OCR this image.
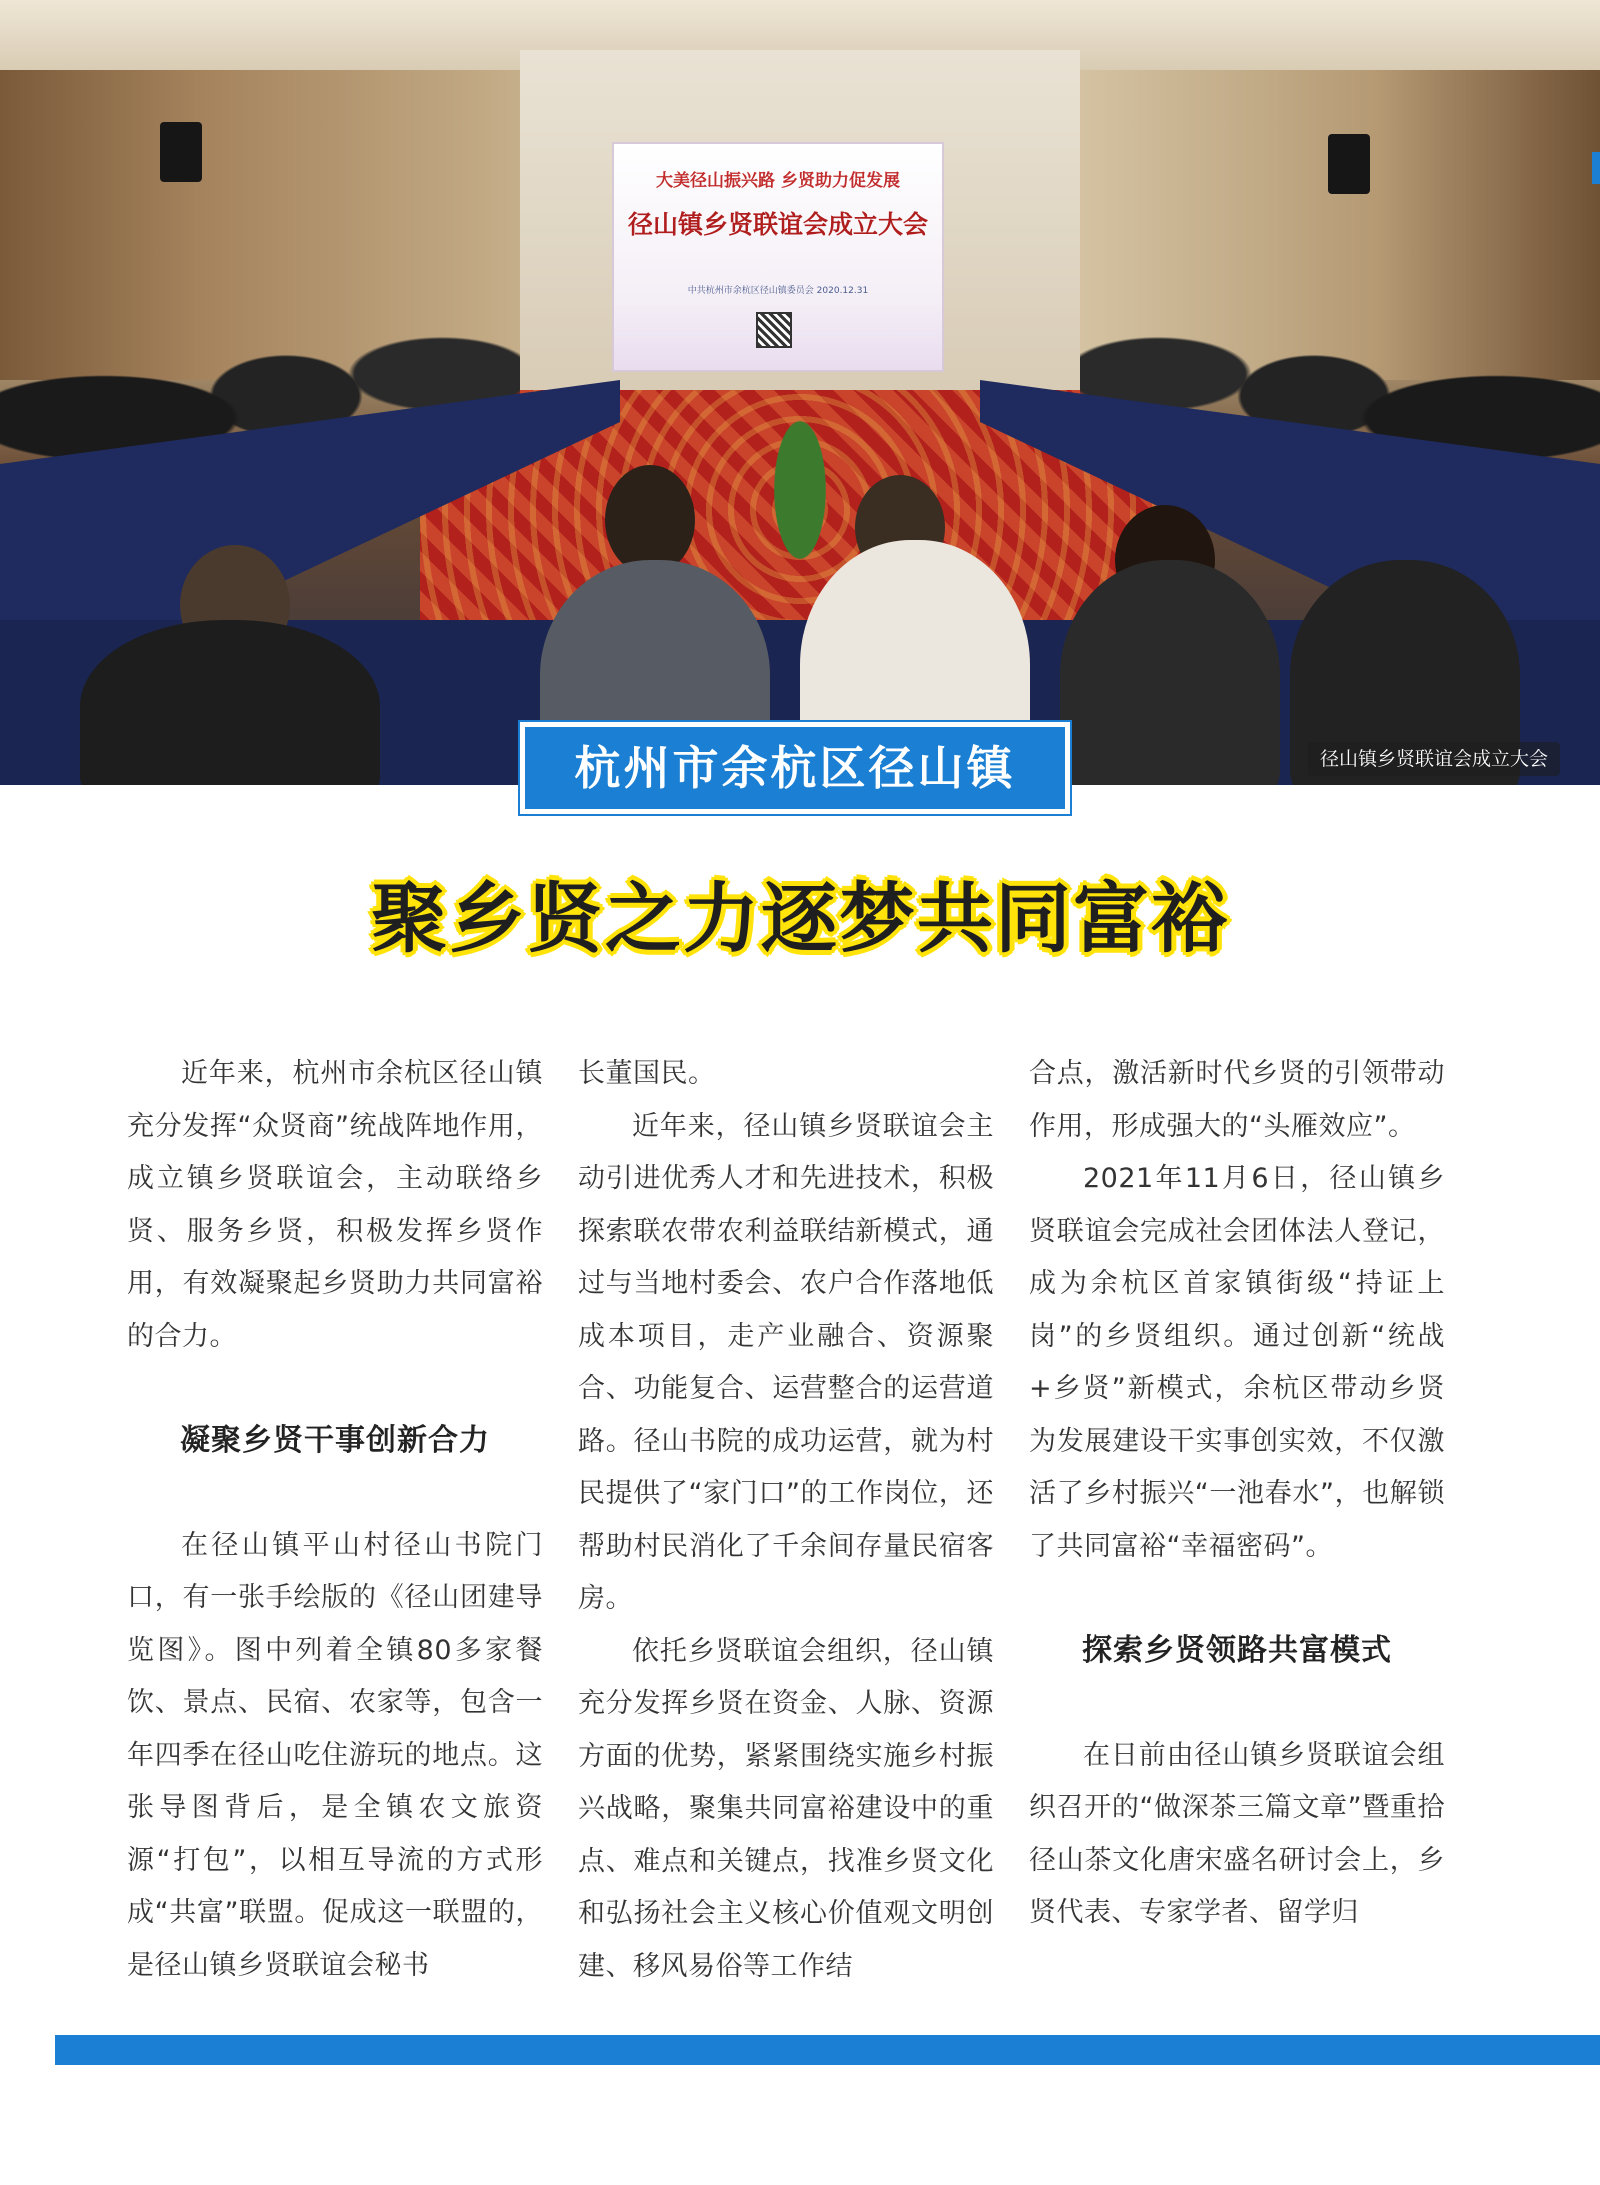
大美径山振兴路 乡贤助力促发展
径山镇乡贤联谊会成立大会
中共杭州市余杭区径山镇委员会 2020.12.31
径山镇乡贤联谊会成立大会
杭州市余杭区径山镇
聚乡贤之力逐梦共同富裕

近年来，杭州市余杭区径山镇充分发挥“众贤商”统战阵地作用，成立镇乡贤联谊会，主动联络乡贤、服务乡贤，积极发挥乡贤作用，有效凝聚起乡贤助力共同富裕的合力。

凝聚乡贤干事创新合力

在径山镇平山村径山书院门口，有一张手绘版的《径山团建导览图》。图中列着全镇80多家餐饮、景点、民宿、农家等，包含一年四季在径山吃住游玩的地点。这张导图背后，是全镇农文旅资源“打包”，以相互导流的方式形成“共富”联盟。促成这一联盟的，是径山镇乡贤联谊会秘书

长董国民。

近年来，径山镇乡贤联谊会主动引进优秀人才和先进技术，积极探索联农带农利益联结新模式，通过与当地村委会、农户合作落地低成本项目，走产业融合、资源聚合、功能复合、运营整合的运营道路。径山书院的成功运营，就为村民提供了“家门口”的工作岗位，还帮助村民消化了千余间存量民宿客房。

依托乡贤联谊会组织，径山镇充分发挥乡贤在资金、人脉、资源方面的优势，紧紧围绕实施乡村振兴战略，聚集共同富裕建设中的重点、难点和关键点，找准乡贤文化和弘扬社会主义核心价值观文明创建、移风易俗等工作结

合点，激活新时代乡贤的引领带动作用，形成强大的“头雁效应”。

2021年11月6日，径山镇乡贤联谊会完成社会团体法人登记，成为余杭区首家镇街级“持证上岗”的乡贤组织。通过创新“统战+乡贤”新模式，余杭区带动乡贤为发展建设干实事创实效，不仅激活了乡村振兴“一池春水”，也解锁了共同富裕“幸福密码”。

探索乡贤领路共富模式

在日前由径山镇乡贤联谊会组织召开的“做深茶三篇文章”暨重拾径山茶文化唐宋盛名研讨会上，乡贤代表、专家学者、留学归
